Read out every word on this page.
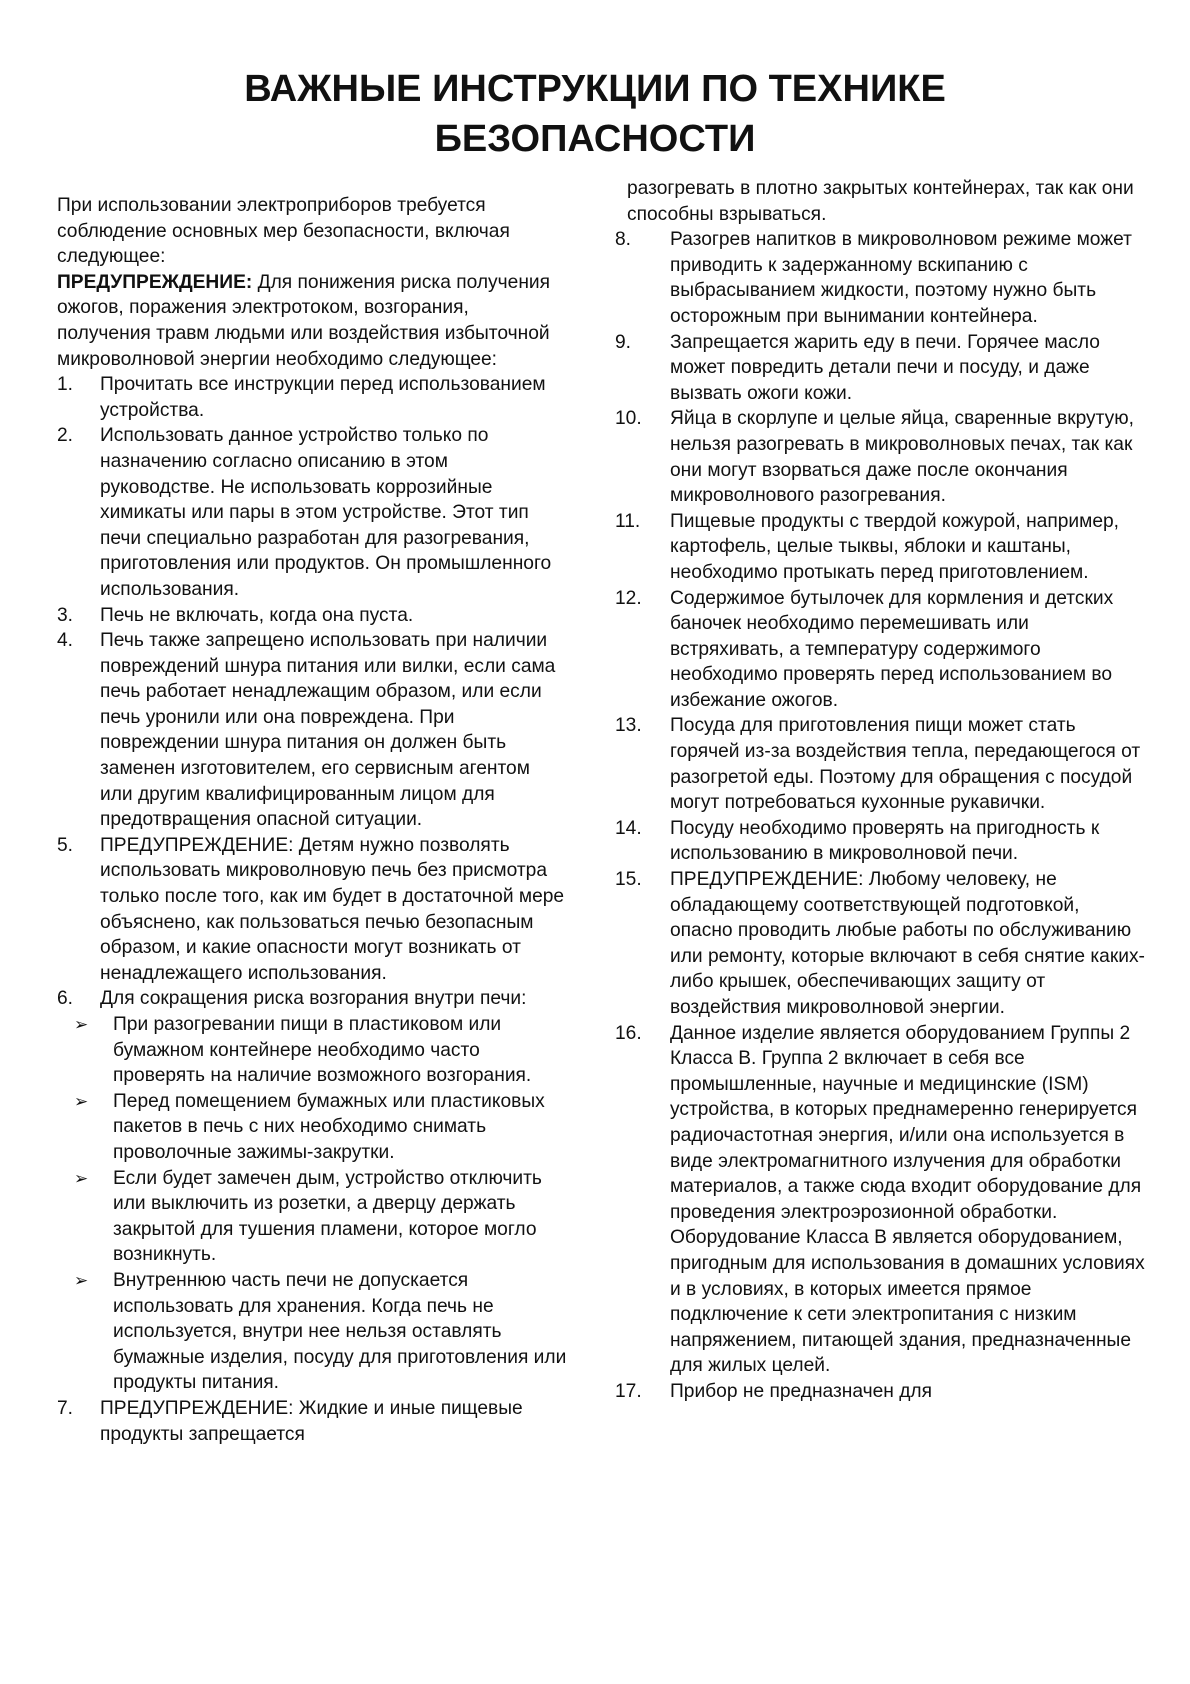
ВАЖНЫЕ ИНСТРУКЦИИ ПО ТЕХНИКЕ
БЕЗОПАСНОСТИ

При использовании электроприборов требуется соблюдение основных мер безопасности, включая следующее:

ПРЕДУПРЕЖДЕНИЕ: Для понижения риска получения ожогов, поражения электротоком, возгорания, получения травм людьми или воздействия избыточной микроволновой энергии необходимо следующее:

1. Прочитать все инструкции перед использованием устройства.
2. Использовать данное устройство только по назначению согласно описанию в этом руководстве. Не использовать коррозийные химикаты или пары в этом устройстве. Этот тип печи специально разработан для разогревания, приготовления или продуктов. Он промышленного использования.
3. Печь не включать, когда она пуста.
4. Печь также запрещено использовать при наличии повреждений шнура питания или вилки, если сама печь работает ненадлежащим образом, или если печь уронили или она повреждена. При повреждении шнура питания он должен быть заменен изготовителем, его сервисным агентом или другим квалифицированным лицом для предотвращения опасной ситуации.
5. ПРЕДУПРЕЖДЕНИЕ: Детям нужно позволять использовать микроволновую печь без присмотра только после того, как им будет в достаточной мере объяснено, как пользоваться печью безопасным образом, и какие опасности могут возникать от ненадлежащего использования.
6. Для сокращения риска возгорания внутри печи:
➢ При разогревании пищи в пластиковом или бумажном контейнере необходимо часто проверять на наличие возможного возгорания.
➢ Перед помещением бумажных или пластиковых пакетов в печь с них необходимо снимать проволочные зажимы-закрутки.
➢ Если будет замечен дым, устройство отключить или выключить из розетки, а дверцу держать закрытой для тушения пламени, которое могло возникнуть.
➢ Внутреннюю часть печи не допускается использовать для хранения. Когда печь не используется, внутри нее нельзя оставлять бумажные изделия, посуду для приготовления или продукты питания.
7. ПРЕДУПРЕЖДЕНИЕ: Жидкие и иные пищевые продукты запрещается

разогревать в плотно закрытых контейнерах, так как они способны взрываться.

8. Разогрев напитков в микроволновом режиме может приводить к задержанному вскипанию с выбрасыванием жидкости, поэтому нужно быть осторожным при вынимании контейнера.
9. Запрещается жарить еду в печи. Горячее масло может повредить детали печи и посуду, и даже вызвать ожоги кожи.
10. Яйца в скорлупе и целые яйца, сваренные вкрутую, нельзя разогревать в микроволновых печах, так как они могут взорваться даже после окончания микроволнового разогревания.
11. Пищевые продукты с твердой кожурой, например, картофель, целые тыквы, яблоки и каштаны, необходимо протыкать перед приготовлением.
12. Содержимое бутылочек для кормления и детских баночек необходимо перемешивать или встряхивать, а температуру содержимого необходимо проверять перед использованием во избежание ожогов.
13. Посуда для приготовления пищи может стать горячей из-за воздействия тепла, передающегося от разогретой еды. Поэтому для обращения с посудой могут потребоваться кухонные рукавички.
14. Посуду необходимо проверять на пригодность к использованию в микроволновой печи.
15. ПРЕДУПРЕЖДЕНИЕ: Любому человеку, не обладающему соответствующей подготовкой, опасно проводить любые работы по обслуживанию или ремонту, которые включают в себя снятие каких-либо крышек, обеспечивающих защиту от воздействия микроволновой энергии.
16. Данное изделие является оборудованием Группы 2 Класса В. Группа 2 включает в себя все промышленные, научные и медицинские (ISM) устройства, в которых преднамеренно генерируется радиочастотная энергия, и/или она используется в виде электромагнитного излучения для обработки материалов, а также сюда входит оборудование для проведения электроэрозионной обработки. Оборудование Класса В является оборудованием, пригодным для использования в домашних условиях и в условиях, в которых имеется прямое подключение к сети электропитания с низким напряжением, питающей здания, предназначенные для жилых целей.
17. Прибор не предназначен для
